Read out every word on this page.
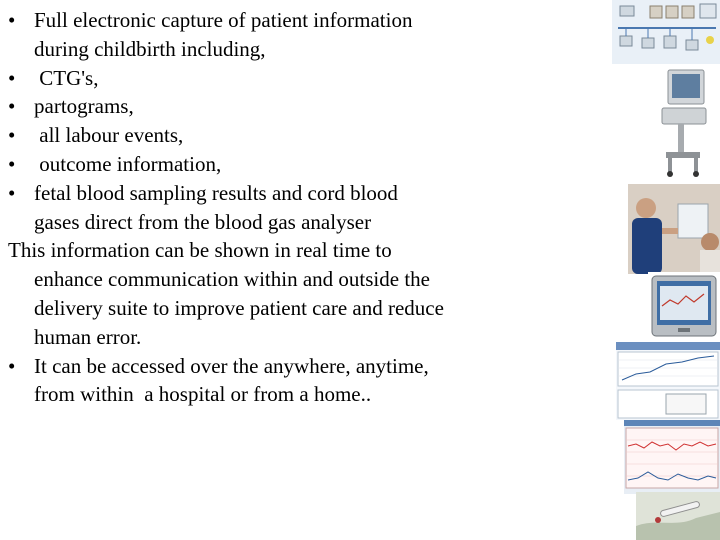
• Full electronic capture of patient information during childbirth including,
• CTG's,
• partograms,
• all labour events,
• outcome information,
• fetal blood sampling results and cord blood gases direct from the blood gas analyser
This information can be shown in real time to enhance communication within and outside the delivery suite to improve patient care and reduce human error.
• It can be accessed over the anywhere, anytime, from within  a hospital or from a home..
